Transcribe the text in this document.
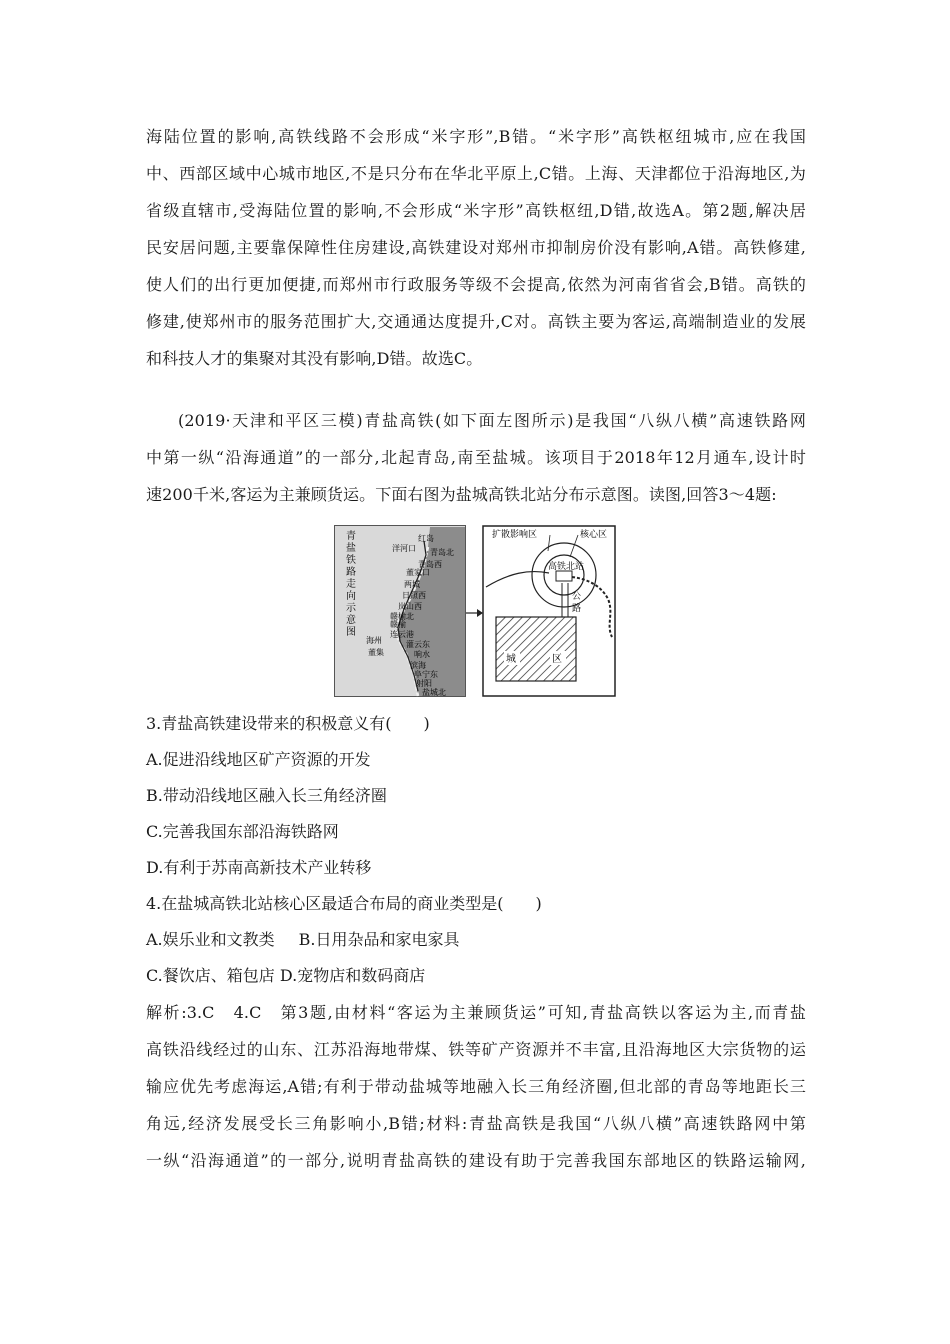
海陆位置的影响,高铁线路不会形成“米字形”,B错。“米字形”高铁枢纽城市,应在我国
中、西部区域中心城市地区,不是只分布在华北平原上,C错。上海、天津都位于沿海地区,为
省级直辖市,受海陆位置的影响,不会形成“米字形”高铁枢纽,D错,故选A。第2题,解决居
民安居问题,主要靠保障性住房建设,高铁建设对郑州市抑制房价没有影响,A错。高铁修建,
使人们的出行更加便捷,而郑州市行政服务等级不会提高,依然为河南省省会,B错。高铁的
修建,使郑州市的服务范围扩大,交通通达度提升,C对。高铁主要为客运,高端制造业的发展
和科技人才的集聚对其没有影响,D错。故选C。
(2019·天津和平区三模)青盐高铁(如下面左图所示)是我国“八纵八横”高速铁路网
中第一纵“沿海通道”的一部分,北起青岛,南至盐城。该项目于2018年12月通车,设计时
速200千米,客运为主兼顾货运。下面右图为盐城高铁北站分布示意图。读图,回答3～4题:
青
盐
铁
路
走
向
示
意
图
红岛
洋河口 青岛北
青岛西
董家口
两城
日照西
岚山西
赣榆北
赣榆
连云港
海州
董集
灌云东
响水
滨海
阜宁东
射阳
盐城北
扩散影响区	核心区
高铁北站
公
路
城	区
3.青盐高铁建设带来的积极意义有(　　)
A.促进沿线地区矿产资源的开发
B.带动沿线地区融入长三角经济圈
C.完善我国东部沿海铁路网
D.有利于苏南高新技术产业转移
4.在盐城高铁北站核心区最适合布局的商业类型是(　　)
A.娱乐业和文教类 B.日用杂品和家电家具
C.餐饮店、箱包店 D.宠物店和数码商店
解析:3.C　4.C　第3题,由材料“客运为主兼顾货运”可知,青盐高铁以客运为主,而青盐
高铁沿线经过的山东、江苏沿海地带煤、铁等矿产资源并不丰富,且沿海地区大宗货物的运
输应优先考虑海运,A错;有利于带动盐城等地融入长三角经济圈,但北部的青岛等地距长三
角远,经济发展受长三角影响小,B错;材料:青盐高铁是我国“八纵八横”高速铁路网中第
一纵“沿海通道”的一部分,说明青盐高铁的建设有助于完善我国东部地区的铁路运输网,
